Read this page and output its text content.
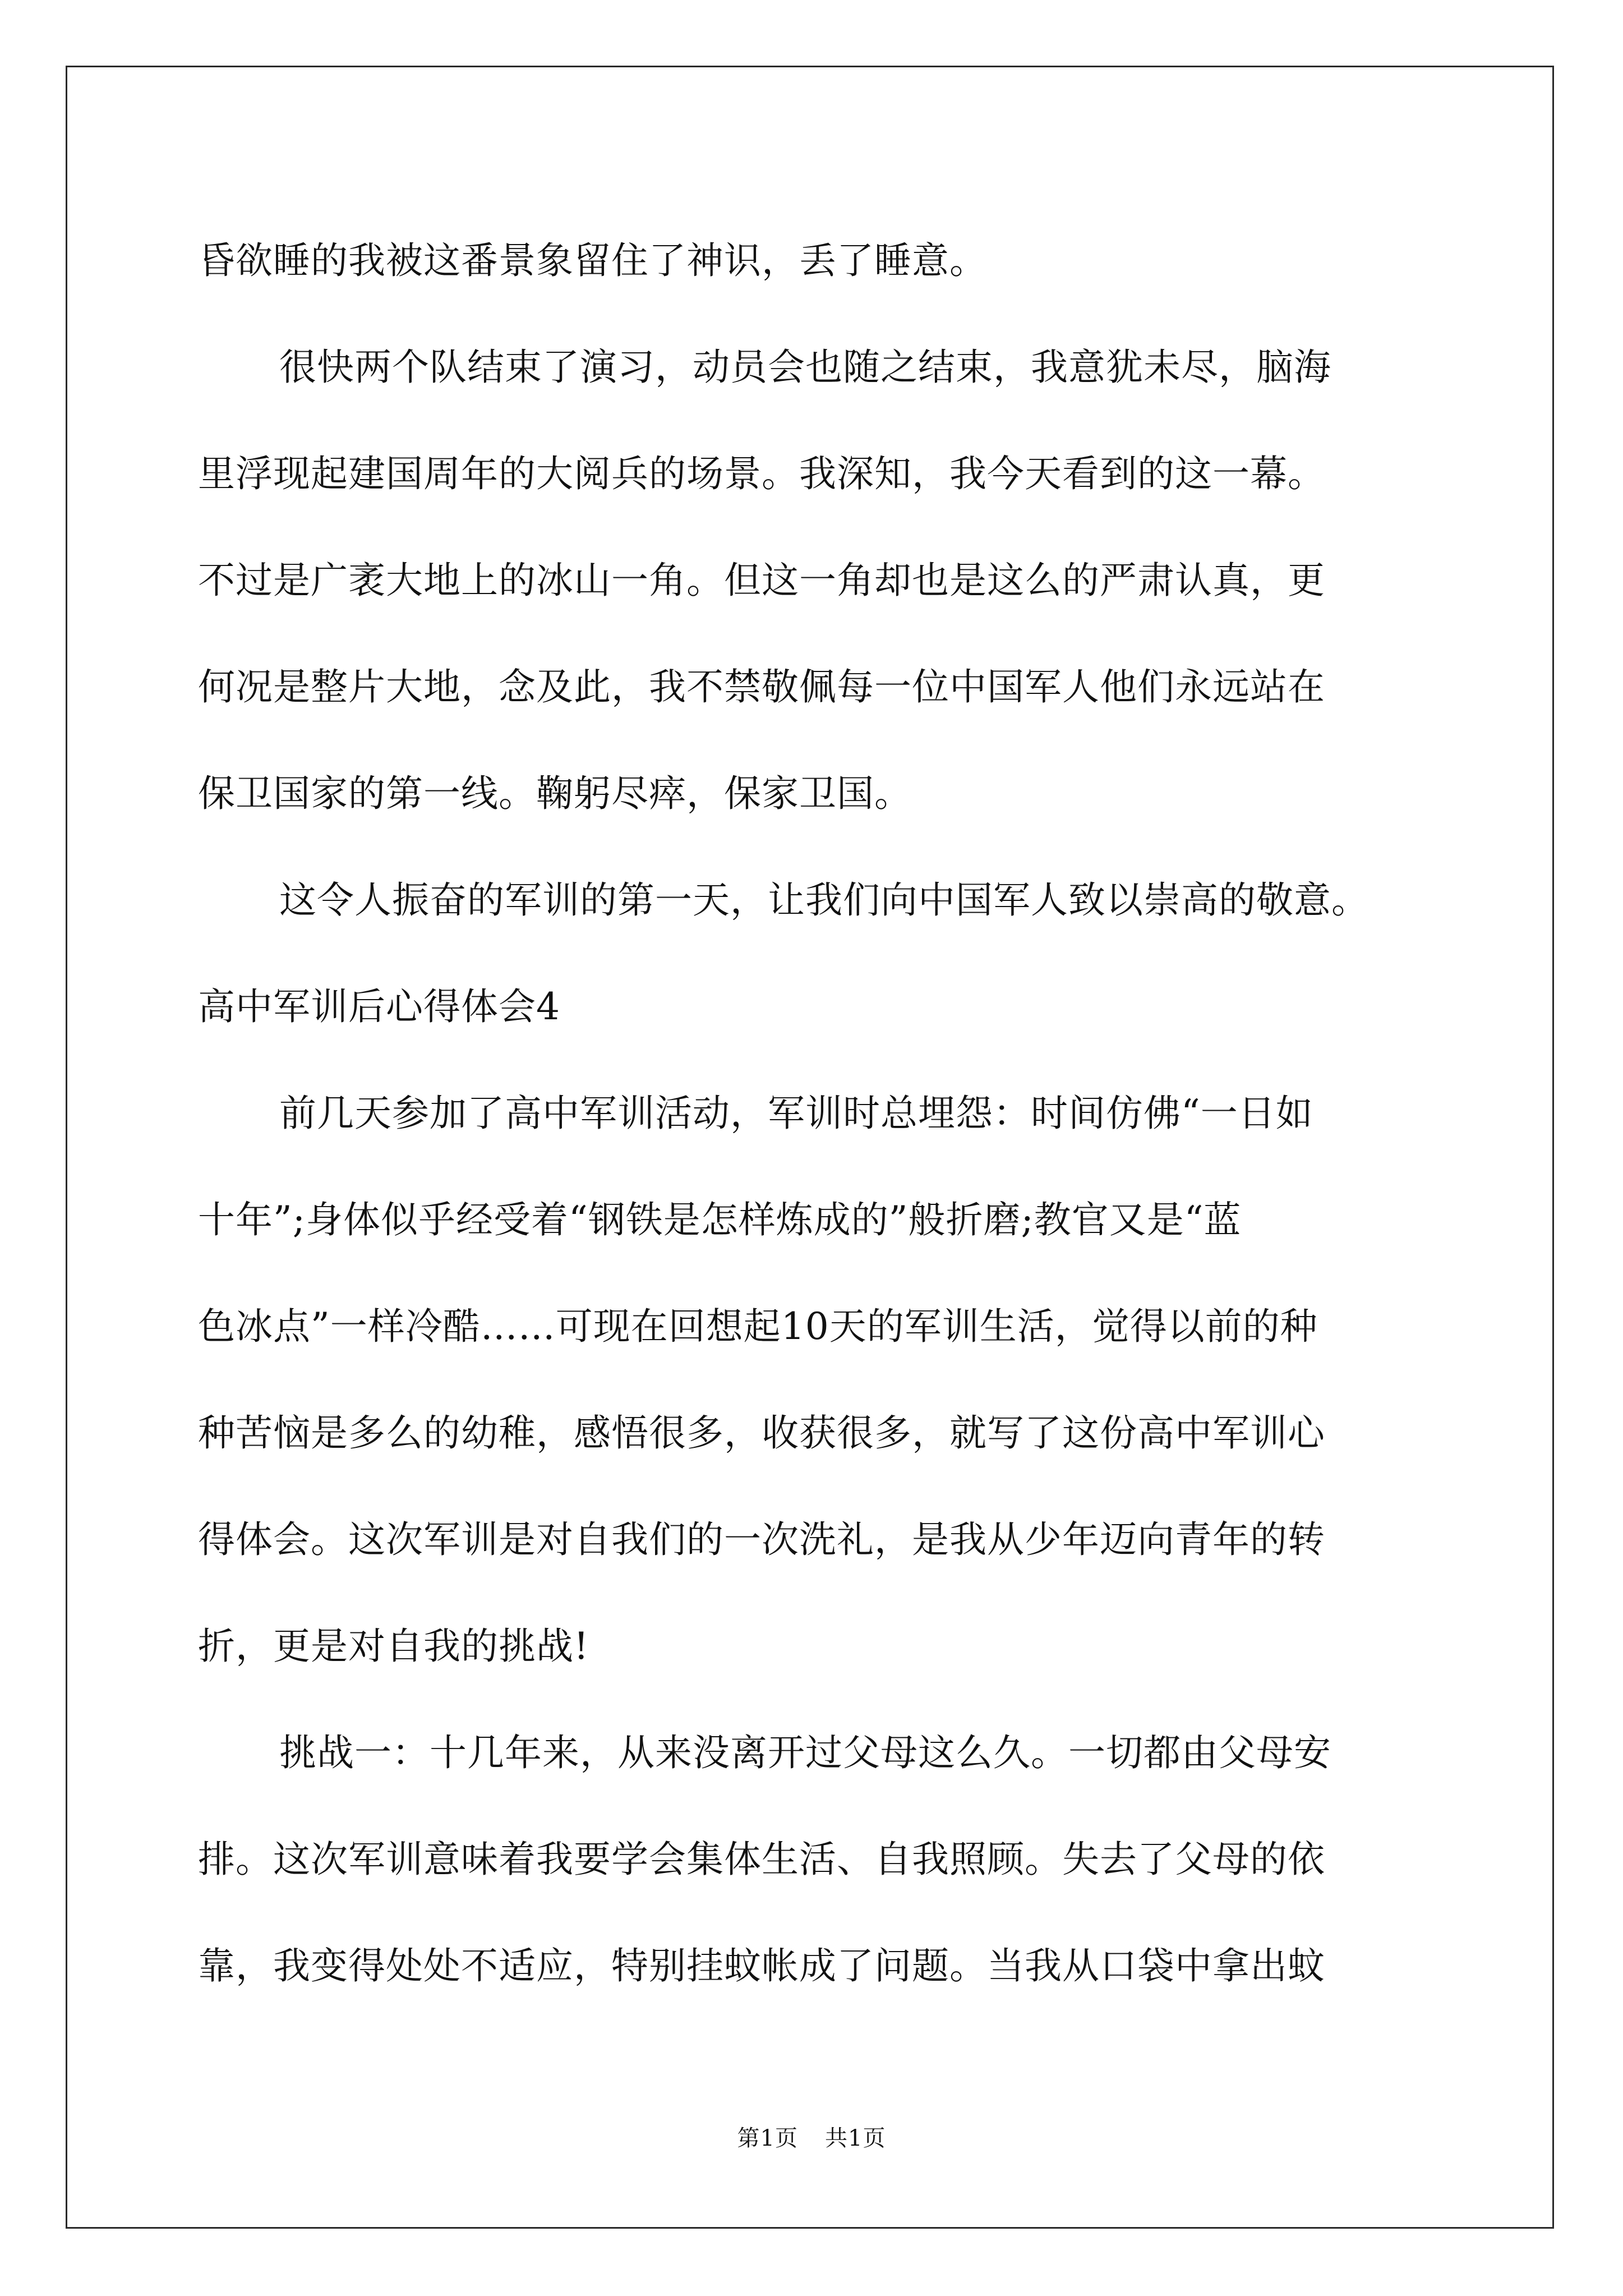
昏欲睡的我被这番景象留住了神识，丢了睡意。
很快两个队结束了演习，动员会也随之结束，我意犹未尽，脑海
里浮现起建国周年的大阅兵的场景。我深知，我今天看到的这一幕。
不过是广袤大地上的冰山一角。但这一角却也是这么的严肃认真，更
何况是整片大地，念及此，我不禁敬佩每一位中国军人他们永远站在
保卫国家的第一线。鞠躬尽瘁，保家卫国。
这令人振奋的军训的第一天，让我们向中国军人致以崇高的敬意。
高中军训后心得体会4
前几天参加了高中军训活动，军训时总埋怨：时间仿佛“一日如
十年”;身体似乎经受着“钢铁是怎样炼成的”般折磨;教官又是“蓝
色冰点”一样冷酷……可现在回想起10天的军训生活，觉得以前的种
种苦恼是多么的幼稚，感悟很多，收获很多，就写了这份高中军训心
得体会。这次军训是对自我们的一次洗礼，是我从少年迈向青年的转
折，更是对自我的挑战!
挑战一：十几年来，从来没离开过父母这么久。一切都由父母安
排。这次军训意味着我要学会集体生活、自我照顾。失去了父母的依
靠，我变得处处不适应，特别挂蚊帐成了问题。当我从口袋中拿出蚊
第1页 共1页
